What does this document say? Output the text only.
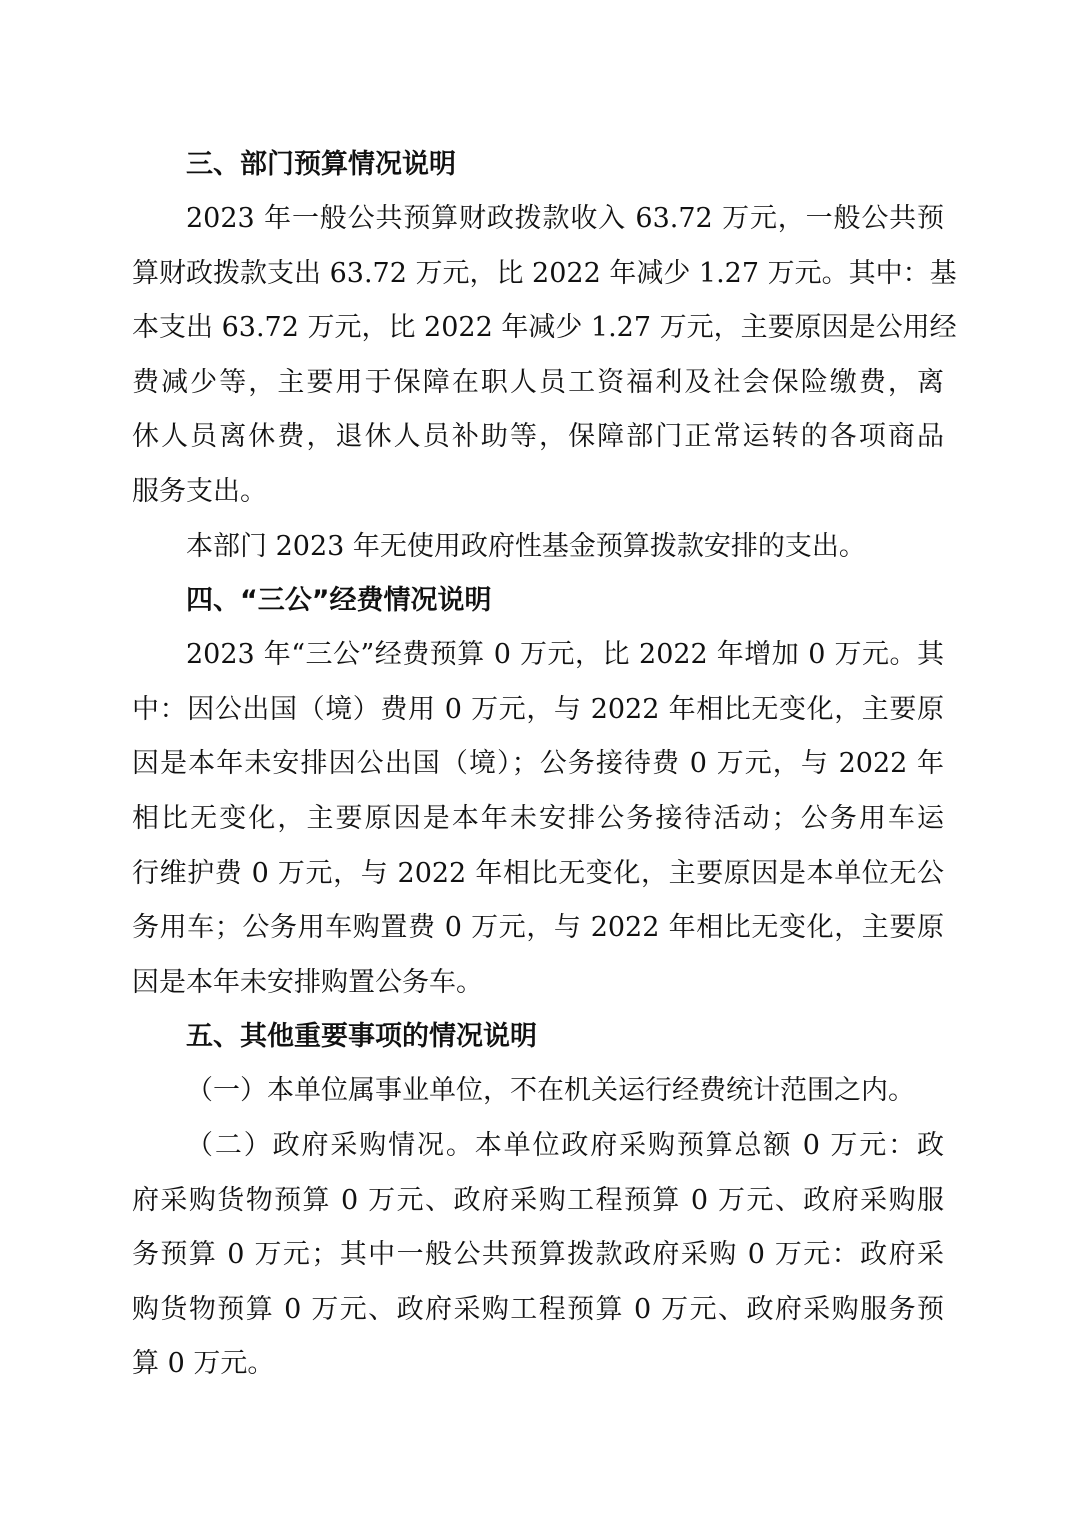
三、部门预算情况说明

2023 年一般公共预算财政拨款收入 63.72 万元，一般公共预
算财政拨款支出 63.72 万元，比 2022 年减少 1.27 万元。其中：基
本支出 63.72 万元，比 2022 年减少 1.27 万元，主要原因是公用经
费减少等，主要用于保障在职人员工资福利及社会保险缴费，离
休人员离休费，退休人员补助等，保障部门正常运转的各项商品
服务支出。

本部门 2023 年无使用政府性基金预算拨款安排的支出。

四、“三公”经费情况说明

2023 年“三公”经费预算 0 万元，比 2022 年增加 0 万元。其
中：因公出国（境）费用 0 万元，与 2022 年相比无变化，主要原
因是本年未安排因公出国（境）；公务接待费 0 万元，与 2022 年
相比无变化，主要原因是本年未安排公务接待活动；公务用车运
行维护费 0 万元，与 2022 年相比无变化，主要原因是本单位无公
务用车；公务用车购置费 0 万元，与 2022 年相比无变化，主要原
因是本年未安排购置公务车。

五、其他重要事项的情况说明

（一）本单位属事业单位，不在机关运行经费统计范围之内。

（二）政府采购情况。本单位政府采购预算总额 0 万元：政
府采购货物预算 0 万元、政府采购工程预算 0 万元、政府采购服
务预算 0 万元；其中一般公共预算拨款政府采购 0 万元：政府采
购货物预算 0 万元、政府采购工程预算 0 万元、政府采购服务预
算 0 万元。
